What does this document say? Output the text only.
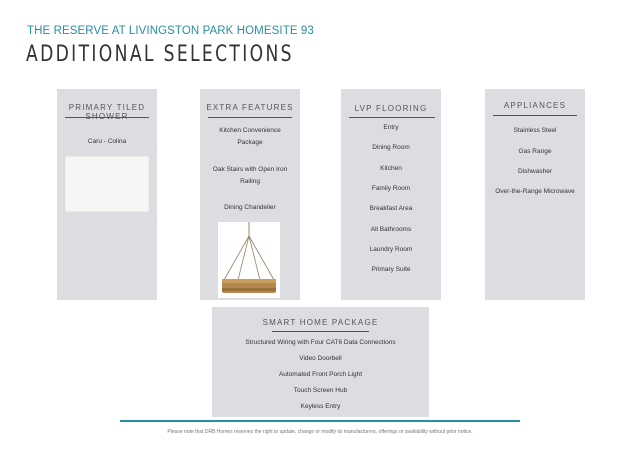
THE RESERVE AT LIVINGSTON PARK HOMESITE 93
ADDITIONAL SELECTIONS
PRIMARY TILED
Caru - Colina
EXTRA FEATURES
Kitchen Convenience Package
Oak Stairs with Open Iron Railing
Dining Chandelier
LVP FLOORING
Entry
Dining Room
Kitchen
Family Room
Breakfast Area
All Bathrooms
Laundry Room
Primary Suite
APPLIANCES
Stainless Steel
Gas Range
Dishwasher
Over-the-Range Microwave
SMART HOME PACKAGE
Structured Wiring with Four CAT6 Data Connections
Video Doorbell
Automated Front Porch Light
Touch Screen Hub
Keyless Entry
Please note that DRB Homes reserves the right to update, change or modify its manufacturers, offerings or availability without prior notice.
